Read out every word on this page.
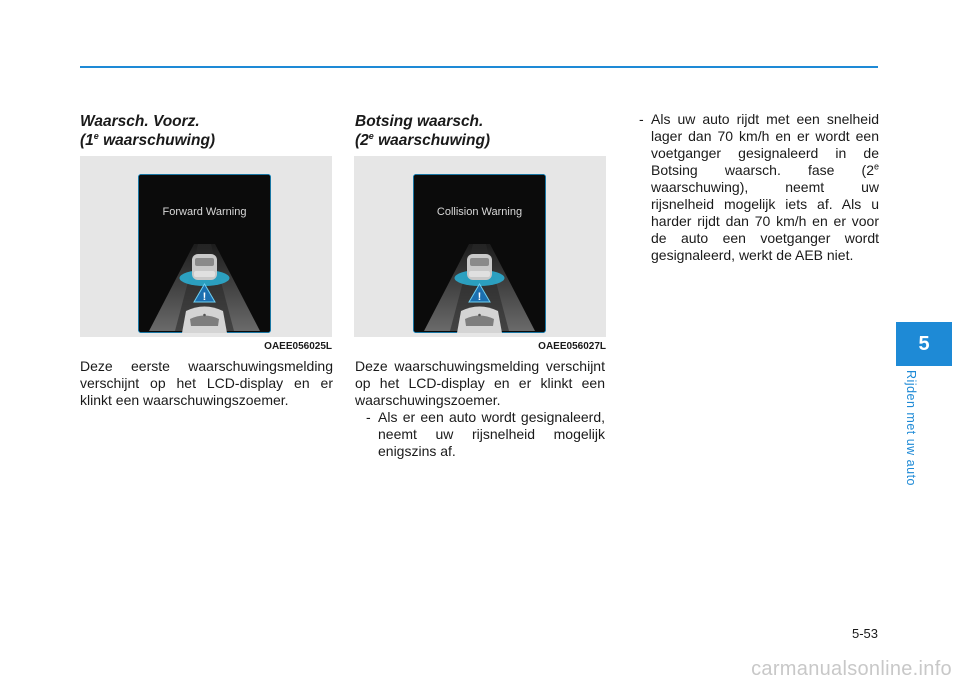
Waarsch. Voorz.
(1e waarschuwing)
Forward Warning
!
OAEE056025L
Deze eerste waarschuwingsmelding verschijnt op het LCD-display en er klinkt een waarschuwingszoemer.
Botsing waarsch.
(2e waarschuwing)
Collision Warning
!
OAEE056027L
Deze waarschuwingsmelding verschijnt op het LCD-display en er klinkt een waarschuwingszoemer.
- Als er een auto wordt gesignaleerd, neemt uw rijsnelheid mogelijk enigszins af.
- Als uw auto rijdt met een snelheid lager dan 70 km/h en er wordt een voetganger gesignaleerd in de Botsing waarsch. fase (2e waarschuwing), neemt uw rijsnelheid mogelijk iets af. Als u harder rijdt dan 70 km/h en er voor de auto een voetganger wordt gesignaleerd, werkt de AEB niet.
5
Rijden met uw auto
5-53
carmanualsonline.info
